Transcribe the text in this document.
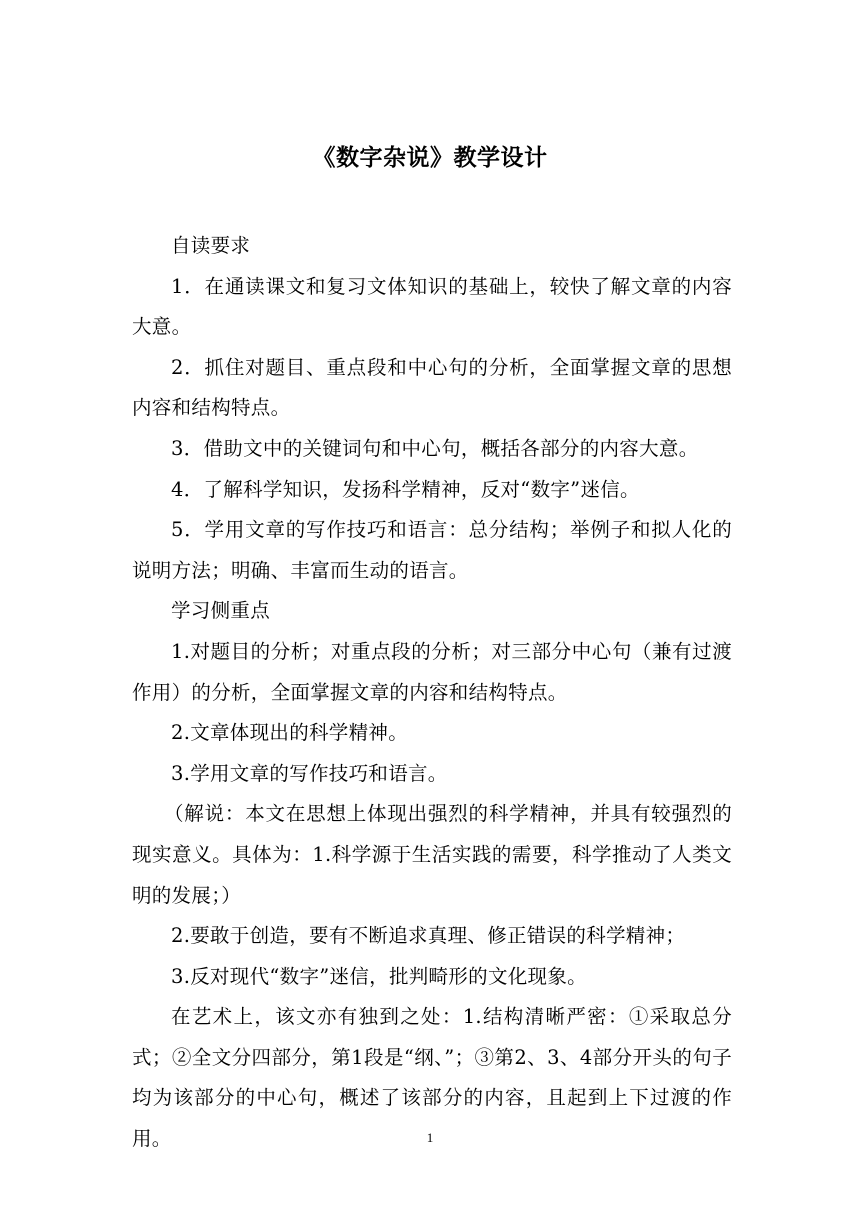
《数字杂说》教学设计

自读要求

1．在通读课文和复习文体知识的基础上，较快了解文章的内容大意。

2．抓住对题目、重点段和中心句的分析，全面掌握文章的思想内容和结构特点。

3．借助文中的关键词句和中心句，概括各部分的内容大意。

4．了解科学知识，发扬科学精神，反对“数字”迷信。

5．学用文章的写作技巧和语言：总分结构；举例子和拟人化的说明方法；明确、丰富而生动的语言。

学习侧重点

1.对题目的分析；对重点段的分析；对三部分中心句（兼有过渡作用）的分析，全面掌握文章的内容和结构特点。

2.文章体现出的科学精神。

3.学用文章的写作技巧和语言。

（解说：本文在思想上体现出强烈的科学精神，并具有较强烈的现实意义。具体为：1.科学源于生活实践的需要，科学推动了人类文明的发展；）

2.要敢于创造，要有不断追求真理、修正错误的科学精神；

3.反对现代“数字”迷信，批判畸形的文化现象。

在艺术上，该文亦有独到之处：1.结构清晰严密：①采取总分式；②全文分四部分，第1段是“纲、”；③第2、3、4部分开头的句子均为该部分的中心句，概述了该部分的内容，且起到上下过渡的作用。	1
